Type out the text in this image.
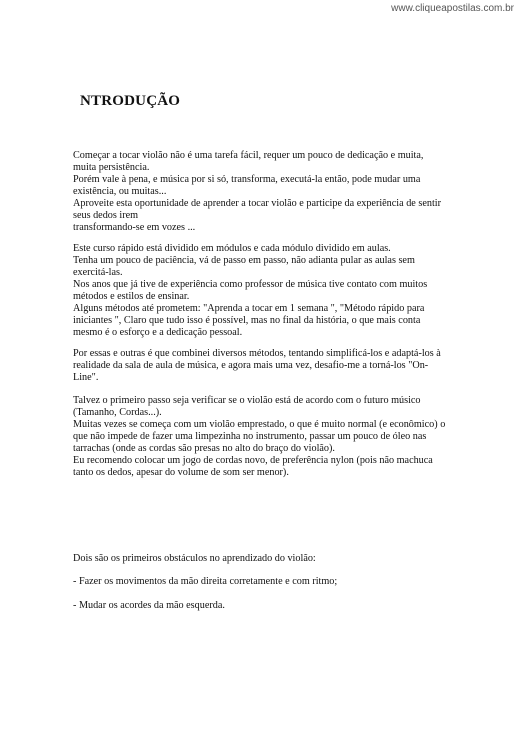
www.cliqueapostilas.com.br
NTRODUÇÃO
Começar a tocar violão não é uma tarefa fácil, requer um pouco de dedicação e muita,
muita persistência.
Porém vale à pena, e música por si só, transforma, executá-la então, pode mudar uma
existência, ou muitas...
Aproveite esta oportunidade de aprender a tocar violão e participe da experiência de sentir
seus dedos irem
transformando-se em vozes ...
Este curso rápido está dividido em módulos e cada módulo dividido em aulas.
Tenha um pouco de paciência, vá de passo em passo, não adianta pular as aulas sem
exercitá-las.
Nos anos que já tive de experiência como professor de música tive contato com muitos
métodos e estilos de ensinar.
Alguns métodos até prometem: "Aprenda a tocar em 1 semana ", "Método rápido para
iniciantes ", Claro que tudo isso é possível, mas no final da história, o que mais conta
mesmo é o esforço e a dedicação pessoal.
Por essas e outras é que combinei diversos métodos, tentando simplificá-los e adaptá-los à
realidade da sala de aula de música, e agora mais uma vez, desafio-me a torná-los "On-
Line".
Talvez o primeiro passo seja verificar se o violão está de acordo com o futuro músico
(Tamanho, Cordas...).
Muitas vezes se começa com um violão emprestado, o que é muito normal (e econômico) o
que não impede de fazer uma limpezinha no instrumento, passar um pouco de óleo nas
tarrachas (onde as cordas são presas no alto do braço do violão).
Eu recomendo colocar um jogo de cordas novo, de preferência nylon (pois não machuca
tanto os dedos, apesar do volume de som ser menor).
Dois são os primeiros obstáculos no aprendizado do violão:
- Fazer os movimentos da mão direita corretamente e com ritmo;
- Mudar os acordes da mão esquerda.
